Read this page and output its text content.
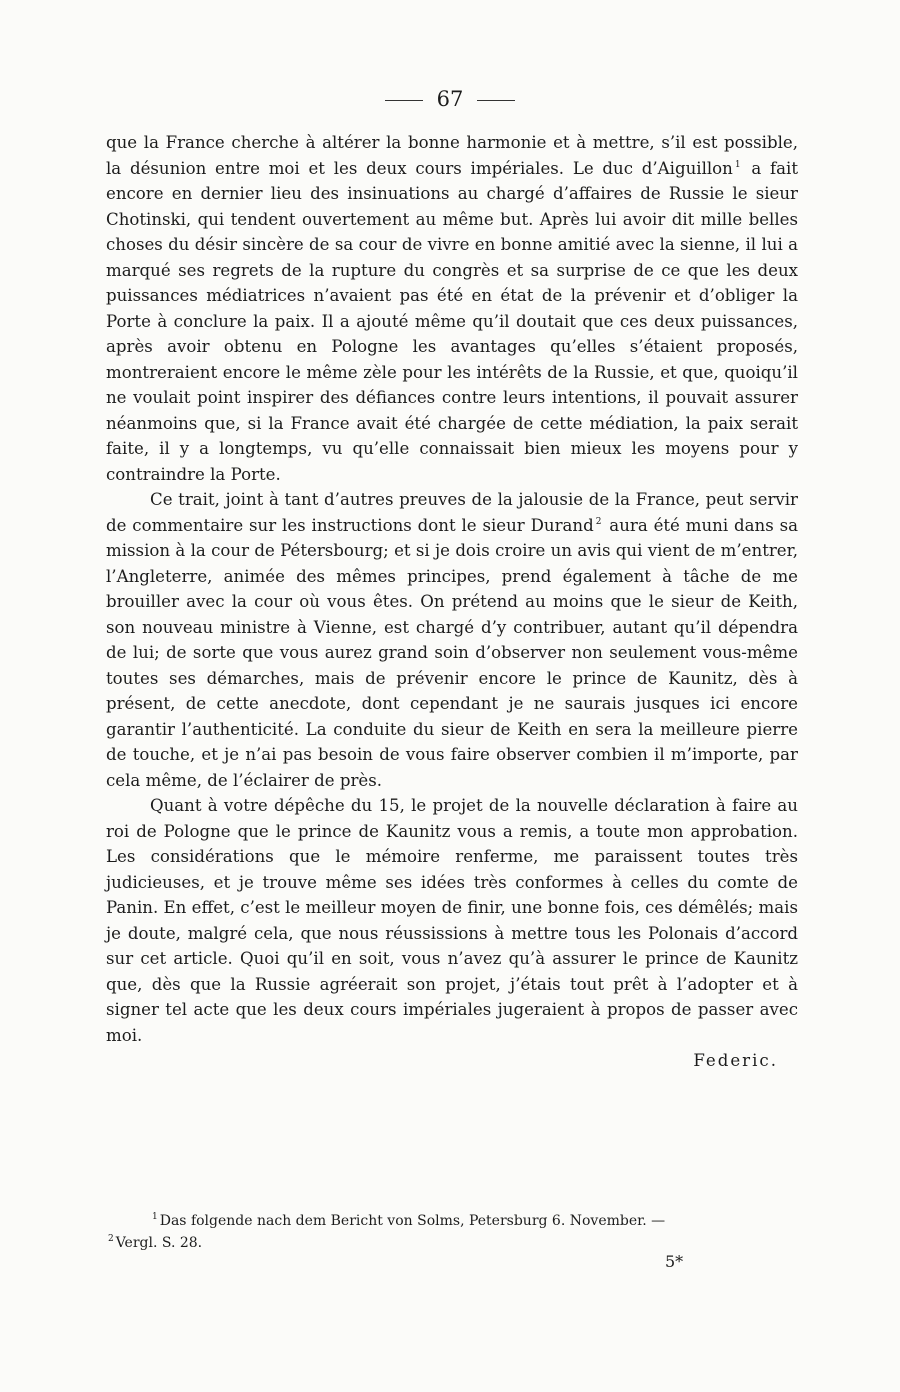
67

que la France cherche à altérer la bonne harmonie et à mettre, s’il est possible, la désunion entre moi et les deux cours impériales. Le duc d’Aiguillon $^1$ a fait encore en dernier lieu des insinuations au chargé d’affaires de Russie le sieur Chotinski, qui tendent ouvertement au même but. Après lui avoir dit mille belles choses du désir sincère de sa cour de vivre en bonne amitié avec la sienne, il lui a marqué ses regrets de la rupture du congrès et sa surprise de ce que les deux puissances médiatrices n’avaient pas été en état de la prévenir et d’obliger la Porte à conclure la paix. Il a ajouté même qu’il doutait que ces deux puissances, après avoir obtenu en Pologne les avantages qu’elles s’étaient proposés, montreraient encore le même zèle pour les intérêts de la Russie, et que, quoiqu’il ne voulait point inspirer des défiances contre leurs intentions, il pouvait assurer néanmoins que, si la France avait été chargée de cette médiation, la paix serait faite, il y a longtemps, vu qu’elle connaissait bien mieux les moyens pour y contraindre la Porte.

Ce trait, joint à tant d’autres preuves de la jalousie de la France, peut servir de commentaire sur les instructions dont le sieur Durand $^2$ aura été muni dans sa mission à la cour de Pétersbourg; et si je dois croire un avis qui vient de m’entrer, l’Angleterre, animée des mêmes principes, prend également à tâche de me brouiller avec la cour où vous êtes. On prétend au moins que le sieur de Keith, son nouveau ministre à Vienne, est chargé d’y contribuer, autant qu’il dépendra de lui; de sorte que vous aurez grand soin d’observer non seulement vous-même toutes ses démarches, mais de prévenir encore le prince de Kaunitz, dès à présent, de cette anecdote, dont cependant je ne saurais jusques ici encore garantir l’authenticité. La conduite du sieur de Keith en sera la meilleure pierre de touche, et je n’ai pas besoin de vous faire observer combien il m’importe, par cela même, de l’éclairer de près.

Quant à votre dépêche du 15, le projet de la nouvelle déclaration à faire au roi de Pologne que le prince de Kaunitz vous a remis, a toute mon approbation. Les considérations que le mémoire renferme, me paraissent toutes très judicieuses, et je trouve même ses idées très conformes à celles du comte de Panin. En effet, c’est le meilleur moyen de finir, une bonne fois, ces démêlés; mais je doute, malgré cela, que nous réussissions à mettre tous les Polonais d’accord sur cet article. Quoi qu’il en soit, vous n’avez qu’à assurer le prince de Kaunitz que, dès que la Russie agréerait son projet, j’étais tout prêt à l’adopter et à signer tel acte que les deux cours impériales jugeraient à propos de passer avec moi.

Federic.

$^1$ Das folgende nach dem Bericht von Solms, Petersburg 6. November. —
$^2$ Vergl. S. 28.
5*
